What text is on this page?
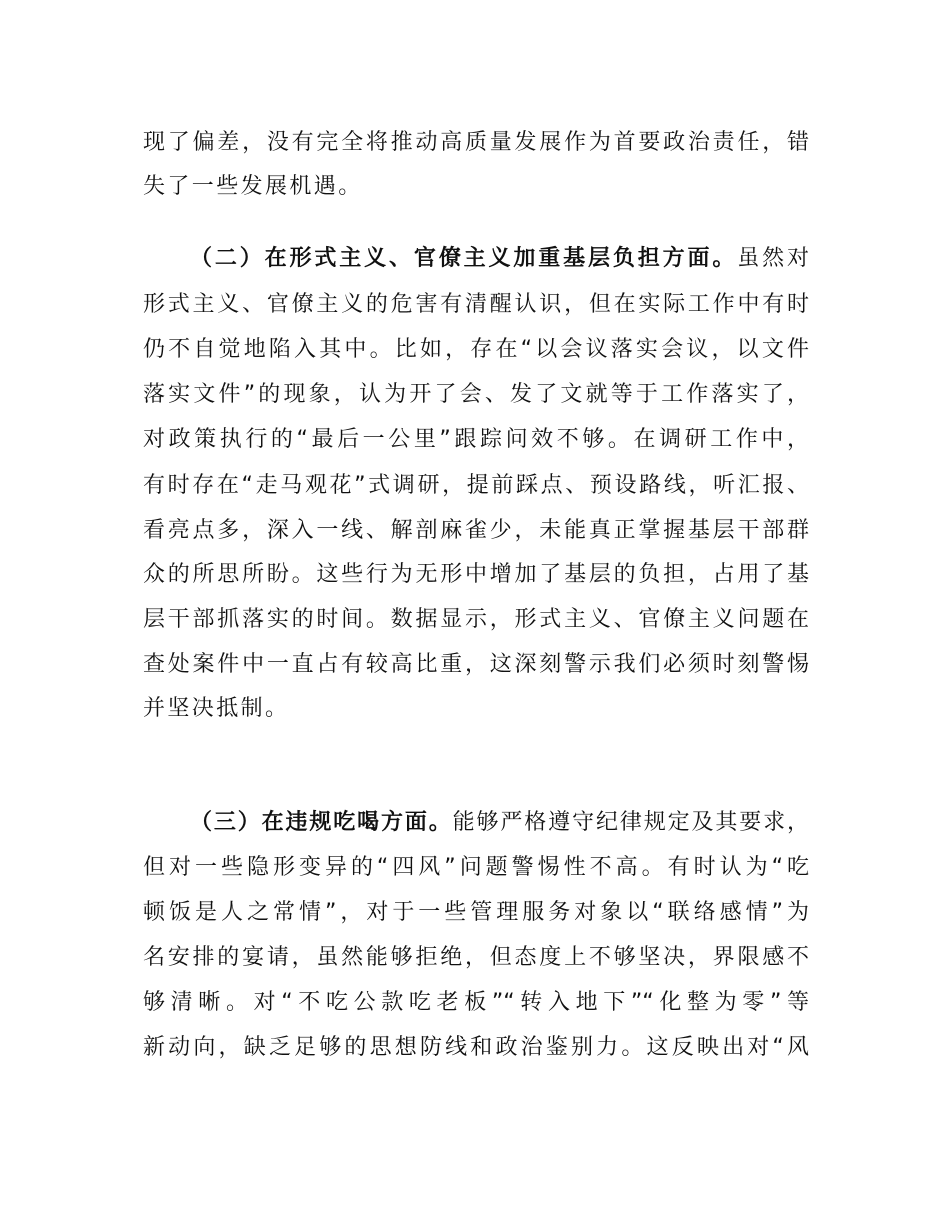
现了偏差，没有完全将推动高质量发展作为首要政治责任，错
失了一些发展机遇。
（二）在形式主义、官僚主义加重基层负担方面。虽然对
形式主义、官僚主义的危害有清醒认识，但在实际工作中有时
仍不自觉地陷入其中。比如，存在“以会议落实会议，以文件
落实文件”的现象，认为开了会、发了文就等于工作落实了，
对政策执行的“最后一公里”跟踪问效不够。在调研工作中，
有时存在“走马观花”式调研，提前踩点、预设路线，听汇报、
看亮点多，深入一线、解剖麻雀少，未能真正掌握基层干部群
众的所思所盼。这些行为无形中增加了基层的负担，占用了基
层干部抓落实的时间。数据显示，形式主义、官僚主义问题在
查处案件中一直占有较高比重，这深刻警示我们必须时刻警惕
并坚决抵制。
（三）在违规吃喝方面。能够严格遵守纪律规定及其要求，
但对一些隐形变异的“四风”问题警惕性不高。有时认为“吃
顿饭是人之常情”，对于一些管理服务对象以“联络感情”为
名安排的宴请，虽然能够拒绝，但态度上不够坚决，界限感不
够清晰。对“不吃公款吃老板”“转入地下”“化整为零”等
新动向，缺乏足够的思想防线和政治鉴别力。这反映出对“风
